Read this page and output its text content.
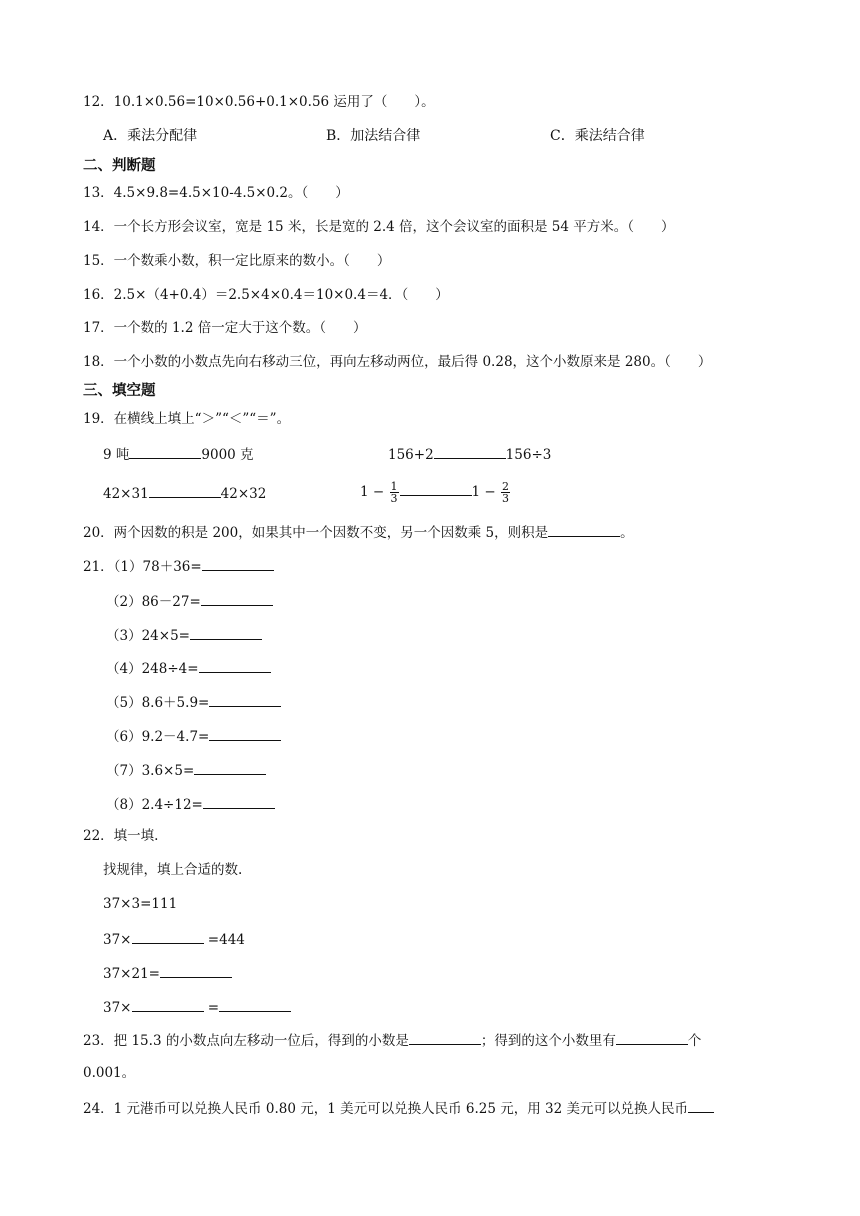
12．10.1×0.56=10×0.56+0.1×0.56 运用了（　　）。
A．乘法分配律	B．加法结合律	C．乘法结合律
二、判断题
13．4.5×9.8=4.5×10-4.5×0.2。（　　）
14．一个长方形会议室，宽是 15 米，长是宽的 2.4 倍，这个会议室的面积是 54 平方米。（　　）
15．一个数乘小数，积一定比原来的数小。（　　）
16．2.5×（4+0.4）＝2.5×4×0.4＝10×0.4＝4．（　　）
17．一个数的 1.2 倍一定大于这个数。（　　）
18．一个小数的小数点先向右移动三位，再向左移动两位，最后得 0.28，这个小数原来是 280。（　　）
三、填空题
19．在横线上填上“＞”“＜”“＝”。
9 吨	9000 克	156+2	156÷3
42×31	42×32	$1 - \frac{1}{3}$	$1 - \frac{2}{3}$
20．两个因数的积是 200，如果其中一个因数不变，另一个因数乘 5，则积是	。
21．（1）78＋36=
（2）86－27=
（3）24×5=
（4）248÷4=
（5）8.6＋5.9=
（6）9.2－4.7=
（7）3.6×5=
（8）2.4÷12=
22．填一填.
找规律，填上合适的数.
37×3=111
37×	=444
37×21=
37×	=
23．把 15.3 的小数点向左移动一位后，得到的小数是	；得到的这个小数里有	个
0.001。
24．1 元港币可以兑换人民币 0.80 元，1 美元可以兑换人民币 6.25 元，用 32 美元可以兑换人民币
